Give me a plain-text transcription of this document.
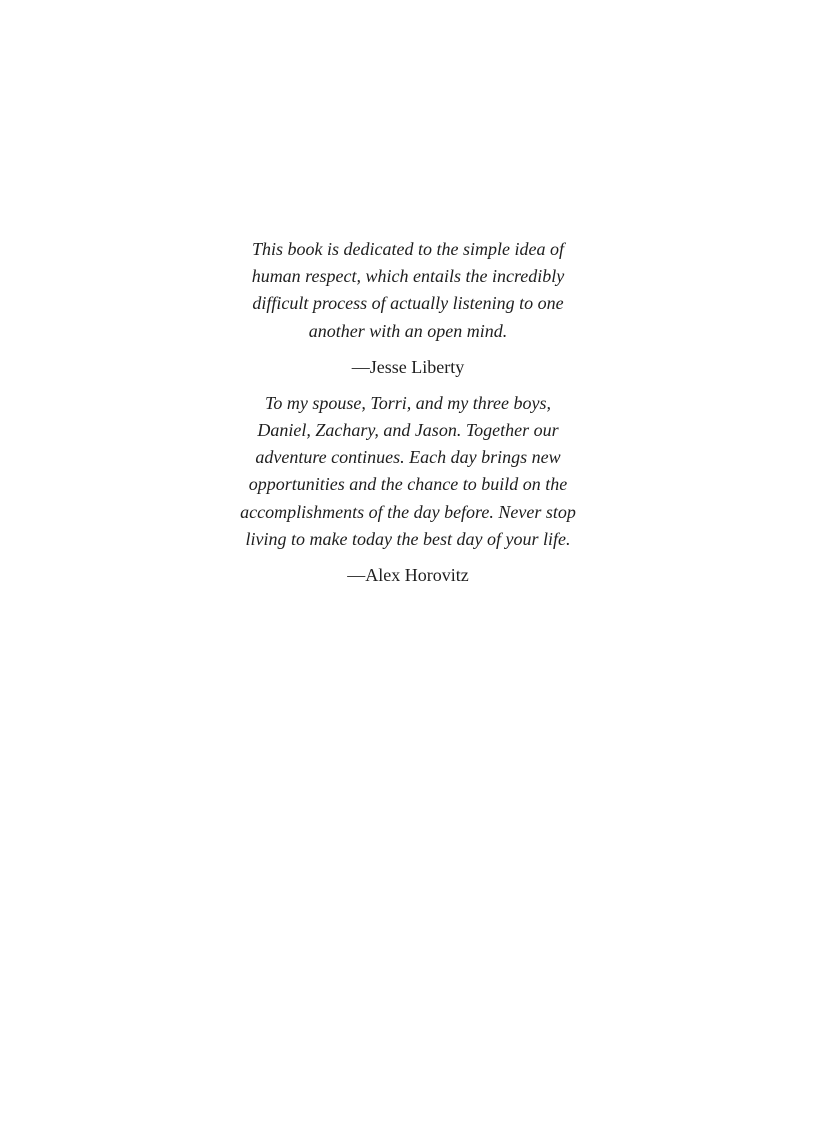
This book is dedicated to the simple idea of
human respect, which entails the incredibly
difficult process of actually listening to one
another with an open mind.

—Jesse Liberty

To my spouse, Torri, and my three boys,
Daniel, Zachary, and Jason. Together our
adventure continues. Each day brings new
opportunities and the chance to build on the
accomplishments of the day before. Never stop
living to make today the best day of your life.

—Alex Horovitz
